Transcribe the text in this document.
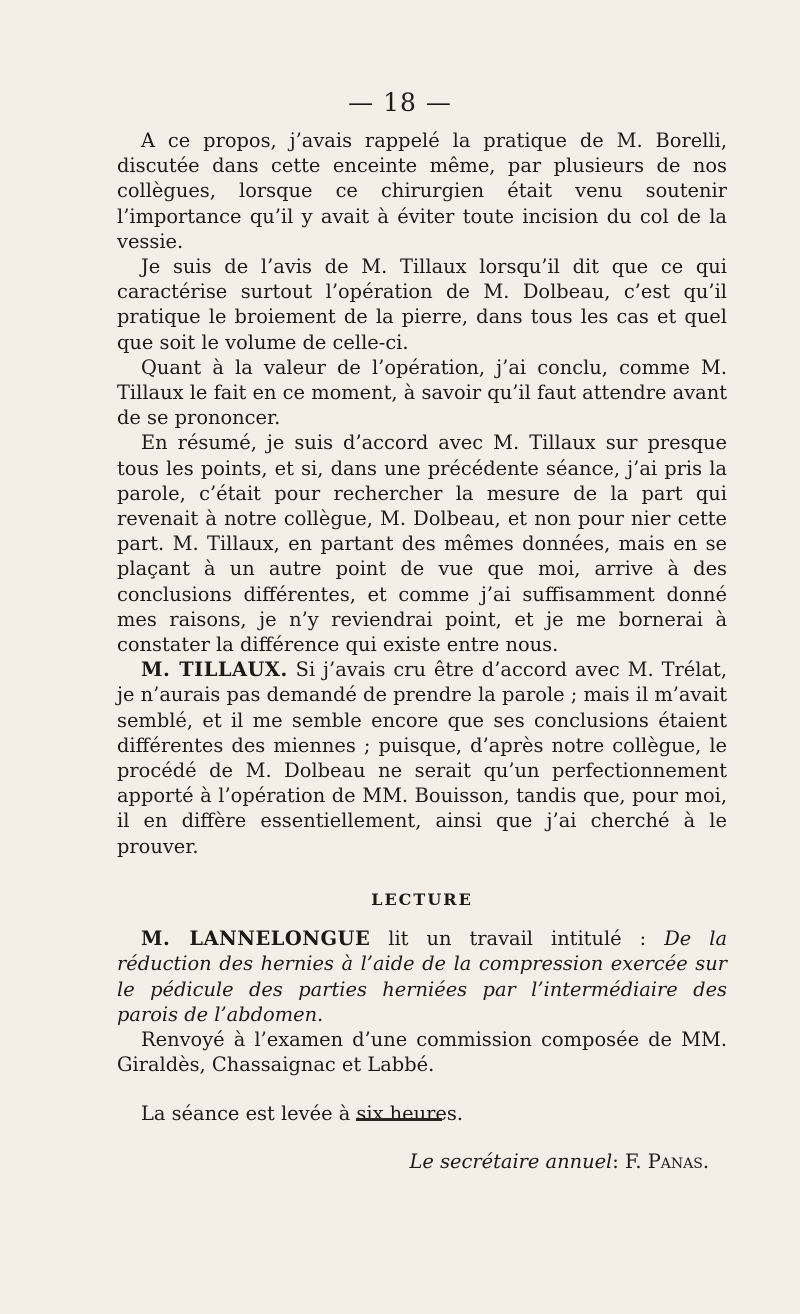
— 18 —

A ce propos, j’avais rappelé la pratique de M. Borelli, discutée dans cette enceinte même, par plusieurs de nos collègues, lorsque ce chirurgien était venu soutenir l’importance qu’il y avait à éviter toute incision du col de la vessie.

Je suis de l’avis de M. Tillaux lorsqu’il dit que ce qui caractérise surtout l’opération de M. Dolbeau, c’est qu’il pratique le broiement de la pierre, dans tous les cas et quel que soit le volume de celle-ci.

Quant à la valeur de l’opération, j’ai conclu, comme M. Tillaux le fait en ce moment, à savoir qu’il faut attendre avant de se prononcer.

En résumé, je suis d’accord avec M. Tillaux sur presque tous les points, et si, dans une précédente séance, j’ai pris la parole, c’était pour rechercher la mesure de la part qui revenait à notre collègue, M. Dolbeau, et non pour nier cette part. M. Tillaux, en partant des mêmes données, mais en se plaçant à un autre point de vue que moi, arrive à des conclusions différentes, et comme j’ai suffisamment donné mes raisons, je n’y reviendrai point, et je me bornerai à constater la différence qui existe entre nous.

M. TILLAUX. Si j’avais cru être d’accord avec M. Trélat, je n’aurais pas demandé de prendre la parole ; mais il m’avait semblé, et il me semble encore que ses conclusions étaient différentes des miennes ; puisque, d’après notre collègue, le procédé de M. Dolbeau ne serait qu’un perfectionnement apporté à l’opération de MM. Bouisson, tandis que, pour moi, il en diffère essentiellement, ainsi que j’ai cherché à le prouver.

LECTURE

M. LANNELONGUE lit un travail intitulé : De la réduction des hernies à l’aide de la compression exercée sur le pédicule des parties herniées par l’intermédiaire des parois de l’abdomen.

Renvoyé à l’examen d’une commission composée de MM. Giraldès, Chassaignac et Labbé.

La séance est levée à six heures.

Le secrétaire annuel: F. Panas.
